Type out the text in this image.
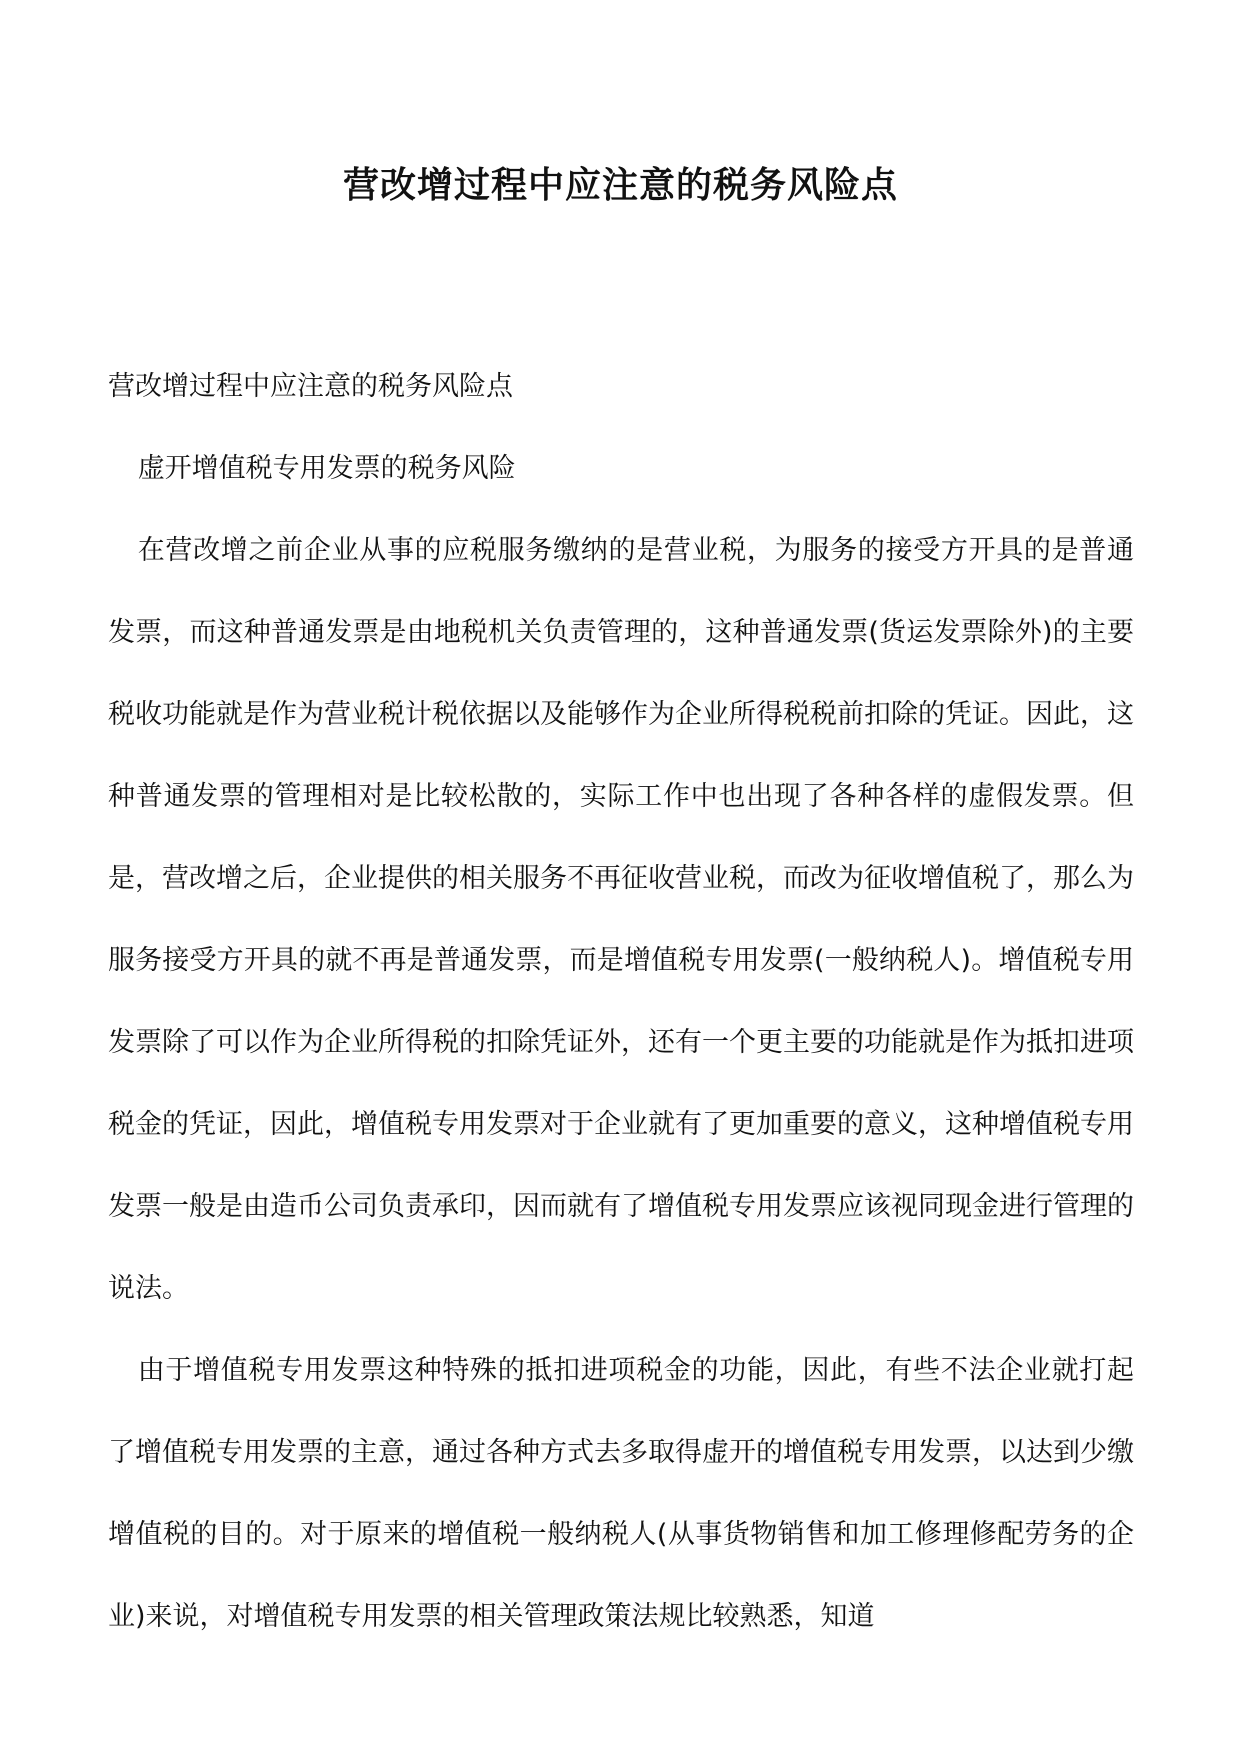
营改增过程中应注意的税务风险点

营改增过程中应注意的税务风险点

虚开增值税专用发票的税务风险

在营改增之前企业从事的应税服务缴纳的是营业税，为服务的接受方开具的是普通发票，而这种普通发票是由地税机关负责管理的，这种普通发票(货运发票除外)的主要税收功能就是作为营业税计税依据以及能够作为企业所得税税前扣除的凭证。因此，这种普通发票的管理相对是比较松散的，实际工作中也出现了各种各样的虚假发票。但是，营改增之后，企业提供的相关服务不再征收营业税，而改为征收增值税了，那么为服务接受方开具的就不再是普通发票，而是增值税专用发票(一般纳税人)。增值税专用发票除了可以作为企业所得税的扣除凭证外，还有一个更主要的功能就是作为抵扣进项税金的凭证，因此，增值税专用发票对于企业就有了更加重要的意义，这种增值税专用发票一般是由造币公司负责承印，因而就有了增值税专用发票应该视同现金进行管理的说法。

由于增值税专用发票这种特殊的抵扣进项税金的功能，因此，有些不法企业就打起了增值税专用发票的主意，通过各种方式去多取得虚开的增值税专用发票，以达到少缴增值税的目的。对于原来的增值税一般纳税人(从事货物销售和加工修理修配劳务的企业)来说，对增值税专用发票的相关管理政策法规比较熟悉，知道
